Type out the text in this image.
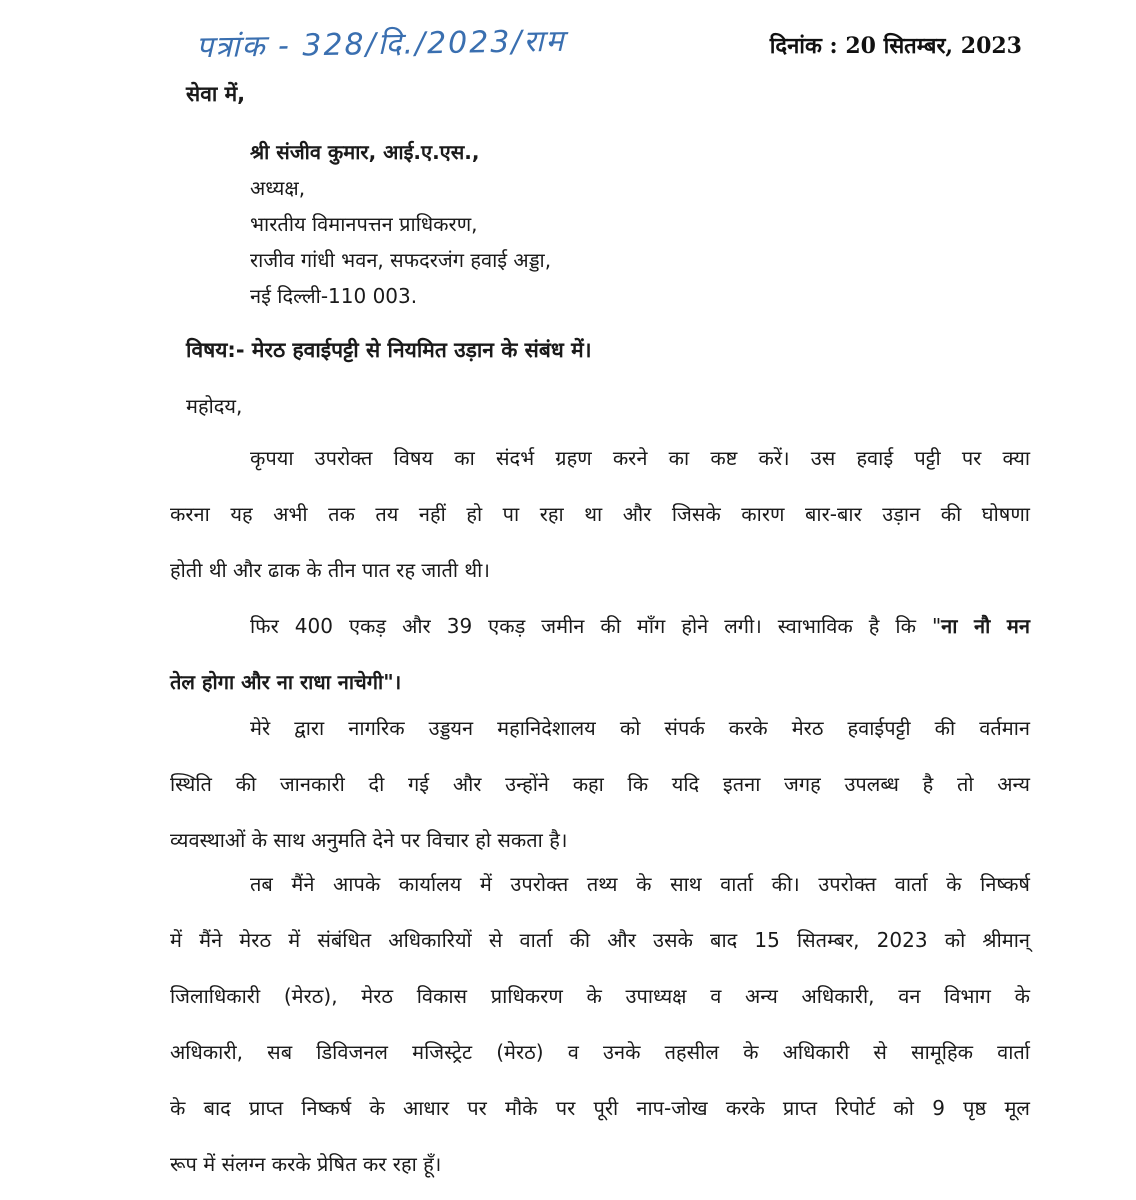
पत्रांक - 328/दि./2023/राम	दिनांक : 20 सितम्बर, 2023
सेवा में,
श्री संजीव कुमार, आई.ए.एस.,
अध्यक्ष,
भारतीय विमानपत्तन प्राधिकरण,
राजीव गांधी भवन, सफदरजंग हवाई अड्डा,
नई दिल्ली-110 003.
विषय:- मेरठ हवाईपट्टी से नियमित उड़ान के संबंध में।
महोदय,
कृपया उपरोक्त विषय का संदर्भ ग्रहण करने का कष्ट करें। उस हवाई पट्टी पर क्या
करना यह अभी तक तय नहीं हो पा रहा था और जिसके कारण बार-बार उड़ान की घोषणा
होती थी और ढाक के तीन पात रह जाती थी।
फिर 400 एकड़ और 39 एकड़ जमीन की माँग होने लगी। स्वाभाविक है कि "ना नौ मन
तेल होगा और ना राधा नाचेगी"।
मेरे द्वारा नागरिक उड्डयन महानिदेशालय को संपर्क करके मेरठ हवाईपट्टी की वर्तमान
स्थिति की जानकारी दी गई और उन्होंने कहा कि यदि इतना जगह उपलब्ध है तो अन्य
व्यवस्थाओं के साथ अनुमति देने पर विचार हो सकता है।
तब मैंने आपके कार्यालय में उपरोक्त तथ्य के साथ वार्ता की। उपरोक्त वार्ता के निष्कर्ष
में मैंने मेरठ में संबंधित अधिकारियों से वार्ता की और उसके बाद 15 सितम्बर, 2023 को श्रीमान्
जिलाधिकारी (मेरठ), मेरठ विकास प्राधिकरण के उपाध्यक्ष व अन्य अधिकारी, वन विभाग के
अधिकारी, सब डिविजनल मजिस्ट्रेट (मेरठ) व उनके तहसील के अधिकारी से सामूहिक वार्ता
के बाद प्राप्त निष्कर्ष के आधार पर मौके पर पूरी नाप-जोख करके प्राप्त रिपोर्ट को 9 पृष्ठ मूल
रूप में संलग्न करके प्रेषित कर रहा हूँ।
